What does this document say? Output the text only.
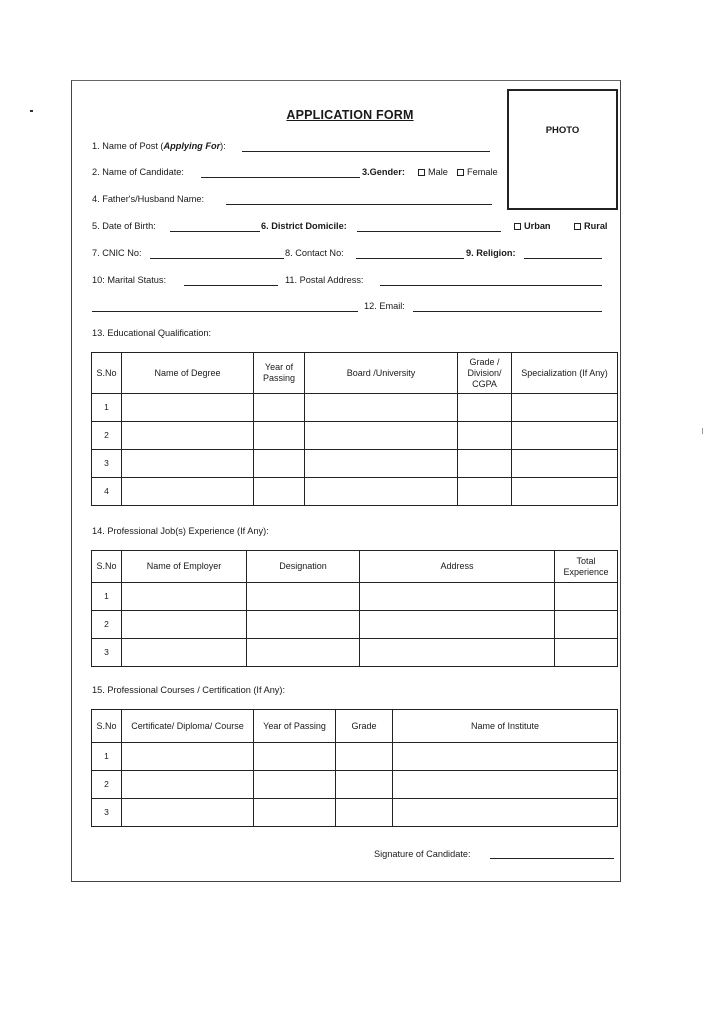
APPLICATION FORM
PHOTO
1. Name of Post (Applying For):
2. Name of Candidate:	3.Gender:	Male	Female
4. Father's/Husband Name:
5. Date of Birth:	6. District Domicile:	Urban	Rural
7. CNIC No:	8. Contact No:	9. Religion:
10: Marital Status:	11. Postal Address:
12. Email:
13. Educational Qualification:
S.No	Name of Degree	Year of Passing	Board /University	Grade / Division/ CGPA	Specialization (If Any)
1					
2					
3					
4					
14. Professional Job(s) Experience (If Any):
S.No	Name of Employer	Designation	Address	Total Experience
1				
2				
3				
15. Professional Courses / Certification (If Any):
S.No	Certificate/ Diploma/ Course	Year of Passing	Grade	Name of Institute
1				
2				
3				
Signature of Candidate:
